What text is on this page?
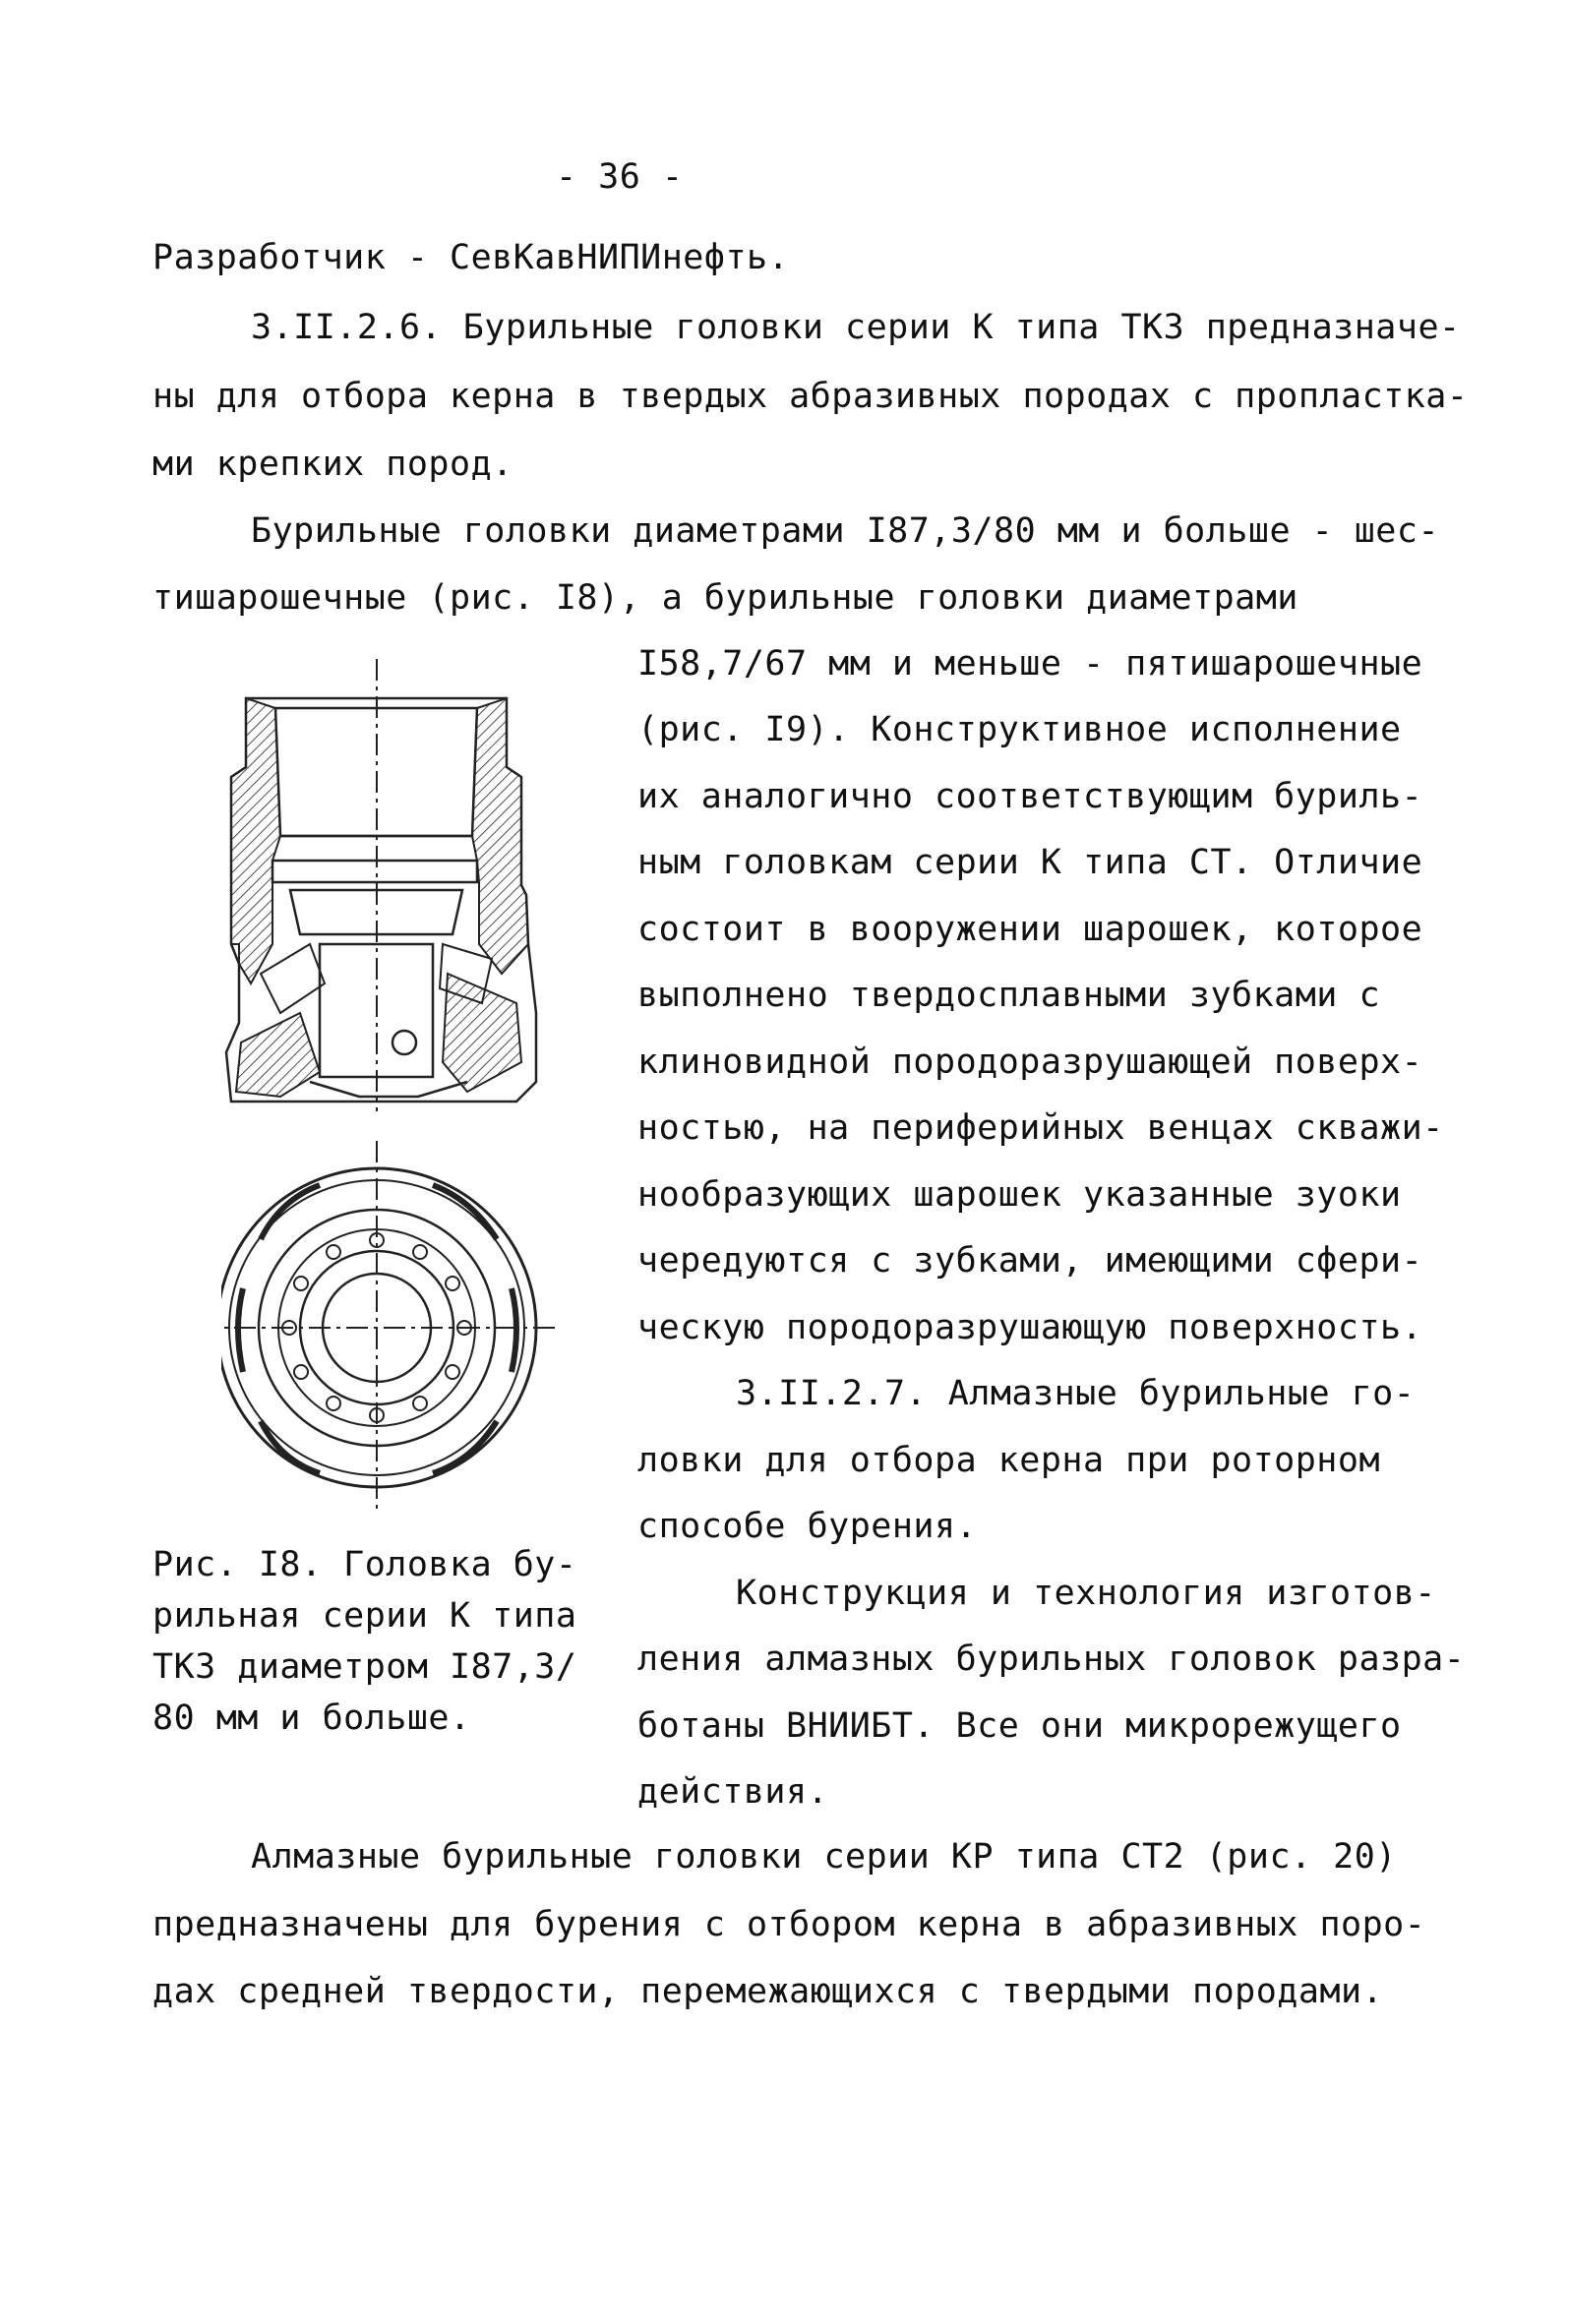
- 36 -
Разработчик - СевКавНИПИнефть.
3.II.2.6. Бурильные головки серии К типа ТКЗ предназначе-
ны для отбора керна в твердых абразивных породах с пропластка-
ми крепких пород.
Бурильные головки диаметрами I87,3/80 мм и больше - шес-
тишарошечные (рис. I8), а бурильные головки диаметрами
I58,7/67 мм и меньше - пятишарошечные
(рис. I9). Конструктивное исполнение
их аналогично соответствующим буриль-
ным головкам серии К типа СТ. Отличие
состоит в вооружении шарошек, которое
выполнено твердосплавными зубками с
клиновидной породоразрушающей поверх-
ностью, на периферийных венцах скважи-
нообразующих шарошек указанные зуоки
чередуются с зубками, имеющими сфери-
ческую породоразрушающую поверхность.
3.II.2.7. Алмазные бурильные го-
ловки для отбора керна при роторном
способе бурения.
Конструкция и технология изготов-
ления алмазных бурильных головок разра-
ботаны ВНИИБТ. Все они микрорежущего
действия.
Рис. I8. Головка бу-
рильная серии К типа
ТКЗ диаметром I87,3/
80 мм и больше.
Алмазные бурильные головки серии КР типа СТ2 (рис. 20)
предназначены для бурения с отбором керна в абразивных поро-
дах средней твердости, перемежающихся с твердыми породами.
